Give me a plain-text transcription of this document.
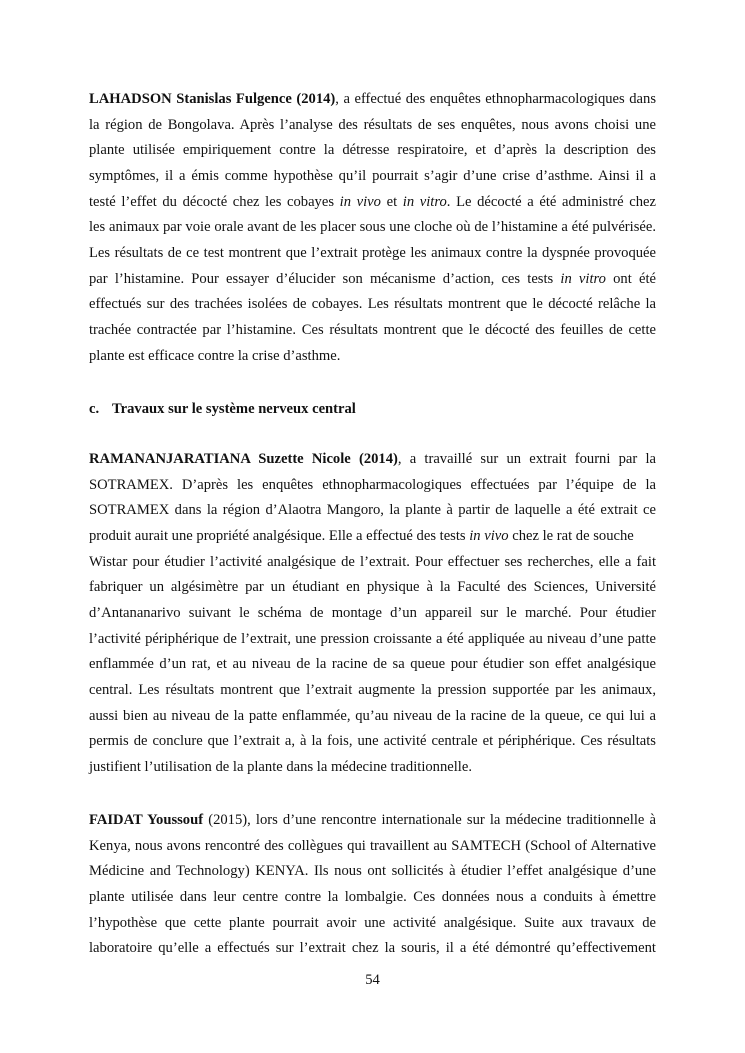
LAHADSON Stanislas Fulgence (2014), a effectué des enquêtes ethnopharmacologiques dans
la région de Bongolava. Après l’analyse des résultats de ses enquêtes, nous avons choisi une
plante utilisée empiriquement contre la détresse respiratoire, et d’après la description des
symptômes, il a émis comme hypothèse qu’il pourrait s’agir d’une crise d’asthme. Ainsi il a
testé l’effet du décocté chez les cobayes in vivo et in vitro. Le décocté a été administré chez
les animaux par voie orale avant de les placer sous une cloche où de l’histamine a été pulvérisée.
Les résultats de ce test montrent que l’extrait protège les animaux contre la dyspnée provoquée
par l’histamine. Pour essayer d’élucider son mécanisme d’action, ces tests in vitro ont été
effectués sur des trachées isolées de cobayes. Les résultats montrent que le décocté relâche la
trachée contractée par l’histamine. Ces résultats montrent que le décocté des feuilles de cette
plante est efficace contre la crise d’asthme.

c. Travaux sur le système nerveux central

RAMANANJARATIANA Suzette Nicole (2014), a travaillé sur un extrait fourni par la
SOTRAMEX. D’après les enquêtes ethnopharmacologiques effectuées par l’équipe de la
SOTRAMEX dans la région d’Alaotra Mangoro, la plante à partir de laquelle a été extrait ce
produit aurait une propriété analgésique. Elle a effectué des tests in vivo chez le rat de souche
Wistar pour étudier l’activité analgésique de l’extrait. Pour effectuer ses recherches, elle a fait
fabriquer un algésimètre par un étudiant en physique à la Faculté des Sciences, Université
d’Antananarivo suivant le schéma de montage d’un appareil sur le marché. Pour étudier
l’activité périphérique de l’extrait, une pression croissante a été appliquée au niveau d’une patte
enflammée d’un rat, et au niveau de la racine de sa queue pour étudier son effet analgésique
central. Les résultats montrent que l’extrait augmente la pression supportée par les animaux,
aussi bien au niveau de la patte enflammée, qu’au niveau de la racine de la queue, ce qui lui a
permis de conclure que l’extrait a, à la fois, une activité centrale et périphérique. Ces résultats
justifient l’utilisation de la plante dans la médecine traditionnelle.

FAIDAT Youssouf (2015), lors d’une rencontre internationale sur la médecine traditionnelle à
Kenya, nous avons rencontré des collègues qui travaillent au SAMTECH (School of Alternative
Médicine and Technology) KENYA. Ils nous ont sollicités à étudier l’effet analgésique d’une
plante utilisée dans leur centre contre la lombalgie. Ces données nous a conduits à émettre
l’hypothèse que cette plante pourrait avoir une activité analgésique. Suite aux travaux de
laboratoire qu’elle a effectués sur l’extrait chez la souris, il a été démontré qu’effectivement

54
